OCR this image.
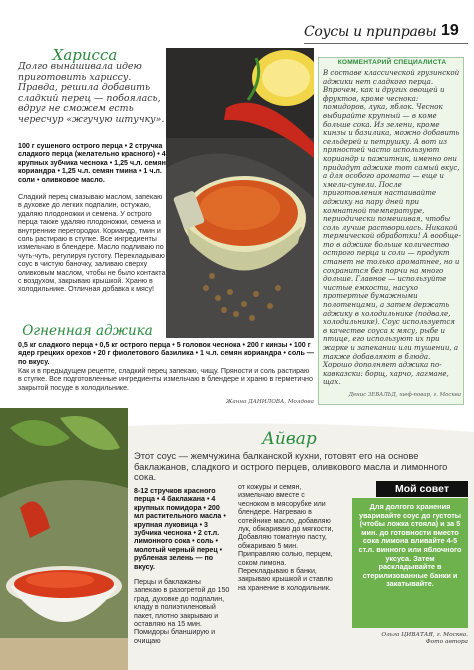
Соусы и приправы 19
Хариссa
Долго вынашивала идею приготовить хариссу. Правда, решила добавить сладкий перец — побоялась, вдруг не сможем есть чересчур «жгучую штучку».
100 г сушеного острого перца • 2 стручка сладкого перца (желательно красного) • 4 крупных зубчика чеснока • 1,25 ч.л. семян кориандра • 1,25 ч.л. семян тмина • 1 ч.л. соли • оливковое масло.
Сладкий перец смазываю маслом, запекаю в духовке до легких подпалин, остужаю, удаляю плодоножки и семена. У острого перца также удаляю плодоножки, семена и внутренние перегородки. Кориандр, тмин и соль растираю в ступке. Все ингредиенты измельчаю в блендере. Масло подливаю по чуть-чуть, регулируя густоту. Перекладываю соус в чистую баночку, заливаю сверху оливковым маслом, чтобы не было контакта с воздухом, закрываю крышкой. Храню в холодильнике. Отличная добавка к мясу!
КОММЕНТАРИЙ СПЕЦИАЛИСТА
В составе классической грузинской аджики нет сладкого перца. Впрочем, как и других овощей и фруктов, кроме чеснока: помидоров, лука, яблок. Чеснок выбирайте крупный — в коме больше сока. Из зелени, кроме кинзы и базилика, можно добавить сельдерей и петрушку. А вот из пряностей часто используют кориандр и пажитник, именно они придадут аджике тот самый вкус, а для особого аромата — еще и хмели-сунели. После приготовления настаивайте аджику на пару дней при комнатной температуре, периодически помешивая, чтобы соль лучше растворилась. Никакой термической обработки! А вообще-то в аджике больше количество острого перца и соли — продукт станет не только ароматнее, но и сохранится без порчи на много дольше. Главное — используйте чистые емкости, насухо протертые бумажными полотенцами, а затем держать аджику в холодильнике (подвале, холодильнике). Соус используется в качестве соуса к мясу, рыбе и птице, его используют их при жарке и запекании или тушении, а также добавляют в блюда. Хорошо дополняет аджика по-кавказски: борщ, харчо, лагмане, щах.
Денис ЗЕВАЛЬД, шеф-повар, г. Москва
Огненная аджика
0,5 кг сладкого перца • 0,5 кг острого перца • 5 головок чеснока • 200 г кинзы • 100 г ядер грецких орехов • 20 г фиолетового базилика • 1 ч.л. семян кориандра • соль — по вкусу.
Как и в предыдущем рецепте, сладкий перец запекаю, чищу. Пряности и соль растираю в ступке. Все подготовленные ингредиенты измельчаю в блендере и храню в герметично закрытой посуде в холодильнике.
Жанна ДАНИЛОВА, Молдова
Айвар
Этот соус — жемчужина балканской кухни, готовят его на основе баклажанов, сладкого и острого перцев, оливкового масла и лимонного сока.
8-12 стручков красного перца • 4 баклажана • 4 крупных помидора • 200 мл растительного масла • крупная луковица • 3 зубчика чеснока • 2 ст.л. лимонного сока • соль • молотый черный перец • рубленая зелень — по вкусу.
Перцы и баклажаны запекаю в разогретой до 150 град. духовке до подпалин, кладу в полиэтиленовый пакет, плотно закрываю и оставляю на 15 мин. Помидоры бланширую и очищаю
от кожуры и семян, измельчаю вместе с чесноком в мясорубке или блендере. Нагреваю в сотейнике масло, добавляю лук, обжариваю до мягкости, Добавляю томатную пасту, обжариваю 5 мин. Приправляю солью, перцем, соком лимона. Перекладываю в банки, закрываю крышкой и ставлю на хранение в холодильник.
Мой совет
Для долгого хранения уваривайте соус до густоты (чтобы ложка стояла) и за 5 мин. до готовности вместо сока лимона вливайте 4-5 ст.л. винного или яблочного уксуса. Затем раскладывайте в стерилизованные банки и закатывайте.
Ольга ЦИВАТАЯ, г. Москва.
Фото автора
